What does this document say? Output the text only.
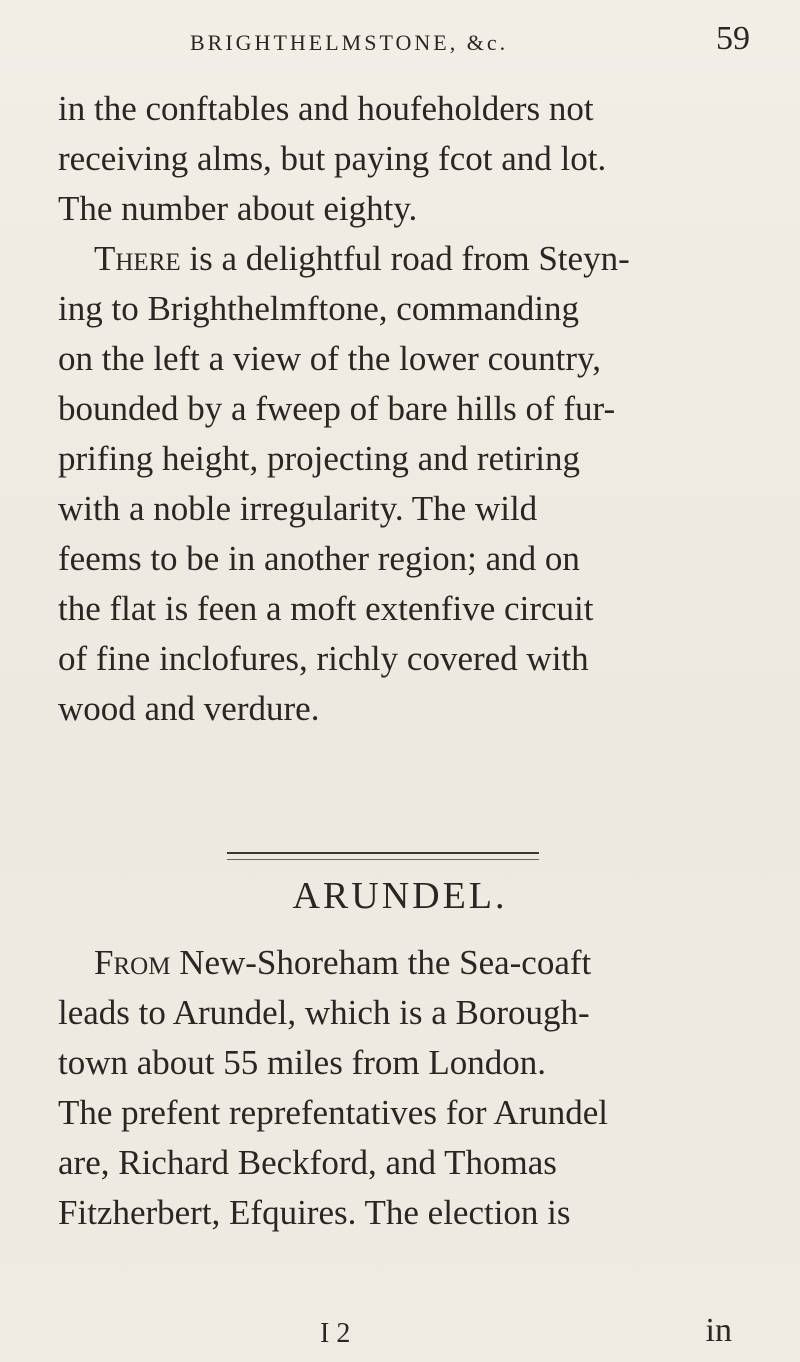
BRIGHTHELMSTONE, &c.	59
in the conftables and houfeholders not
receiving alms, but paying fcot and lot.
The number about eighty.
There is a delightful road from Steyn-
ing to Brighthelmftone, commanding
on the left a view of the lower country,
bounded by a fweep of bare hills of fur-
prifing height, projecting and retiring
with a noble irregularity. The wild
feems to be in another region; and on
the flat is feen a moft extenfive circuit
of fine inclofures, richly covered with
wood and verdure.
ARUNDEL.
From New-Shoreham the Sea-coaft
leads to Arundel, which is a Borough-
town about 55 miles from London.
The prefent reprefentatives for Arundel
are, Richard Beckford, and Thomas
Fitzherbert, Efquires. The election is
I 2	in
